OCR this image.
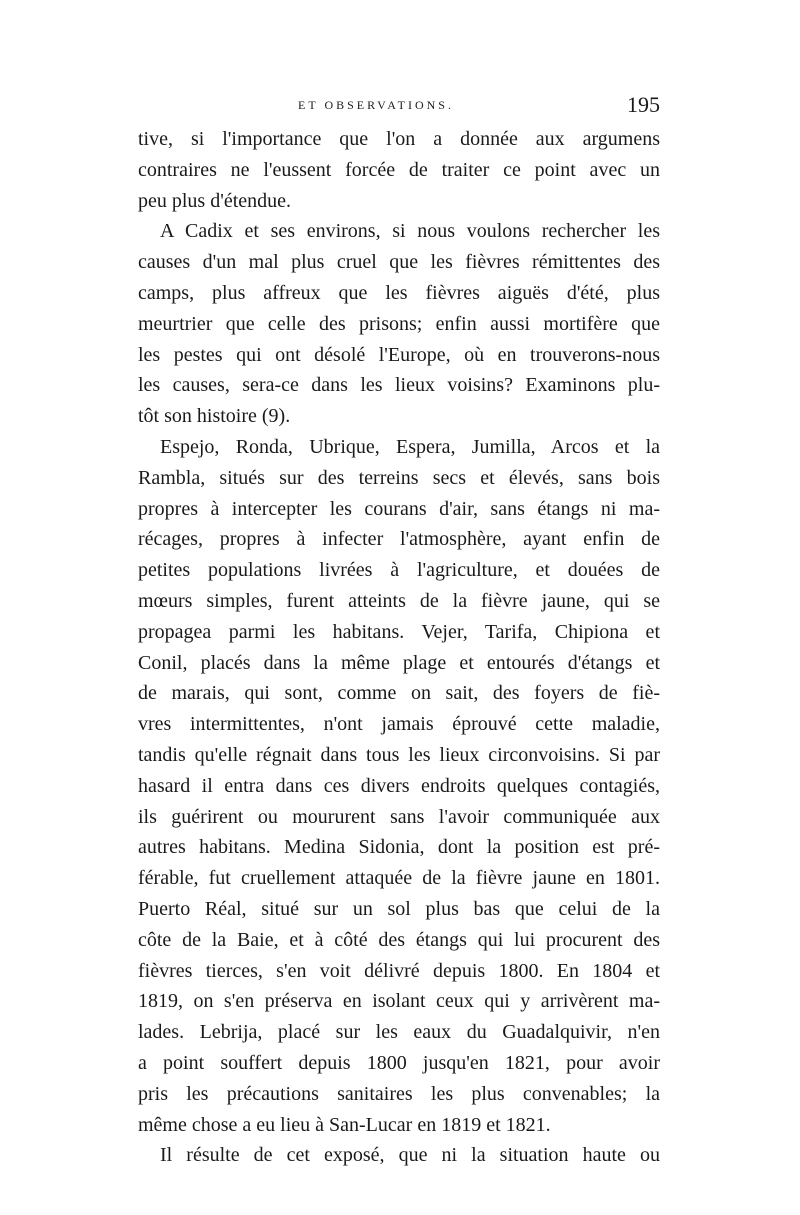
ET OBSERVATIONS.	195
tive, si l'importance que l'on a donnée aux argumens
contraires ne l'eussent forcée de traiter ce point avec un
peu plus d'étendue.
A Cadix et ses environs, si nous voulons rechercher les
causes d'un mal plus cruel que les fièvres rémittentes des
camps, plus affreux que les fièvres aiguës d'été, plus
meurtrier que celle des prisons; enfin aussi mortifère que
les pestes qui ont désolé l'Europe, où en trouverons-nous
les causes, sera-ce dans les lieux voisins? Examinons plu-
tôt son histoire (9).
Espejo, Ronda, Ubrique, Espera, Jumilla, Arcos et la
Rambla, situés sur des terreins secs et élevés, sans bois
propres à intercepter les courans d'air, sans étangs ni ma-
récages, propres à infecter l'atmosphère, ayant enfin de
petites populations livrées à l'agriculture, et douées de
mœurs simples, furent atteints de la fièvre jaune, qui se
propagea parmi les habitans. Vejer, Tarifa, Chipiona et
Conil, placés dans la même plage et entourés d'étangs et
de marais, qui sont, comme on sait, des foyers de fiè-
vres intermittentes, n'ont jamais éprouvé cette maladie,
tandis qu'elle régnait dans tous les lieux circonvoisins. Si par
hasard il entra dans ces divers endroits quelques contagiés,
ils guérirent ou moururent sans l'avoir communiquée aux
autres habitans. Medina Sidonia, dont la position est pré-
férable, fut cruellement attaquée de la fièvre jaune en 1801.
Puerto Réal, situé sur un sol plus bas que celui de la
côte de la Baie, et à côté des étangs qui lui procurent des
fièvres tierces, s'en voit délivré depuis 1800. En 1804 et
1819, on s'en préserva en isolant ceux qui y arrivèrent ma-
lades. Lebrija, placé sur les eaux du Guadalquivir, n'en
a point souffert depuis 1800 jusqu'en 1821, pour avoir
pris les précautions sanitaires les plus convenables; la
même chose a eu lieu à San-Lucar en 1819 et 1821.
Il résulte de cet exposé, que ni la situation haute ou
